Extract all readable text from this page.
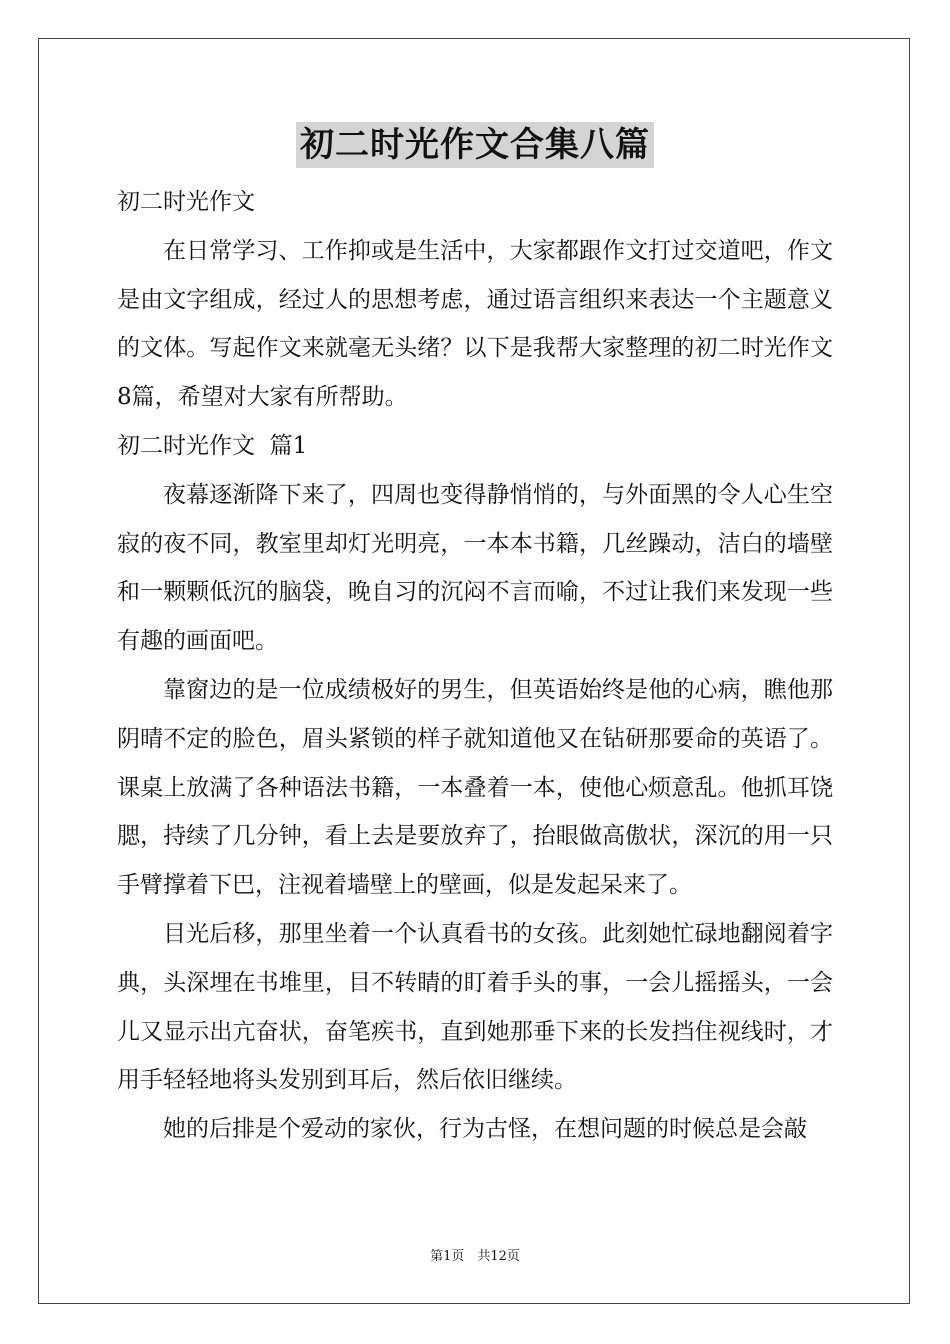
初二时光作文合集八篇

初二时光作文

在日常学习、工作抑或是生活中，大家都跟作文打过交道吧，作文是由文字组成，经过人的思想考虑，通过语言组织来表达一个主题意义的文体。写起作文来就毫无头绪？以下是我帮大家整理的初二时光作文8篇，希望对大家有所帮助。

初二时光作文  篇1

夜幕逐渐降下来了，四周也变得静悄悄的，与外面黑的令人心生空寂的夜不同，教室里却灯光明亮，一本本书籍，几丝躁动，洁白的墙壁和一颗颗低沉的脑袋，晚自习的沉闷不言而喻，不过让我们来发现一些有趣的画面吧。

靠窗边的是一位成绩极好的男生，但英语始终是他的心病，瞧他那阴晴不定的脸色，眉头紧锁的样子就知道他又在钻研那要命的英语了。课桌上放满了各种语法书籍，一本叠着一本，使他心烦意乱。他抓耳饶腮，持续了几分钟，看上去是要放弃了，抬眼做高傲状，深沉的用一只手臂撑着下巴，注视着墙壁上的壁画，似是发起呆来了。

目光后移，那里坐着一个认真看书的女孩。此刻她忙碌地翻阅着字典，头深埋在书堆里，目不转睛的盯着手头的事，一会儿摇摇头，一会儿又显示出亢奋状，奋笔疾书，直到她那垂下来的长发挡住视线时，才用手轻轻地将头发别到耳后，然后依旧继续。

她的后排是个爱动的家伙，行为古怪，在想问题的时候总是会敲

第1页　共12页
